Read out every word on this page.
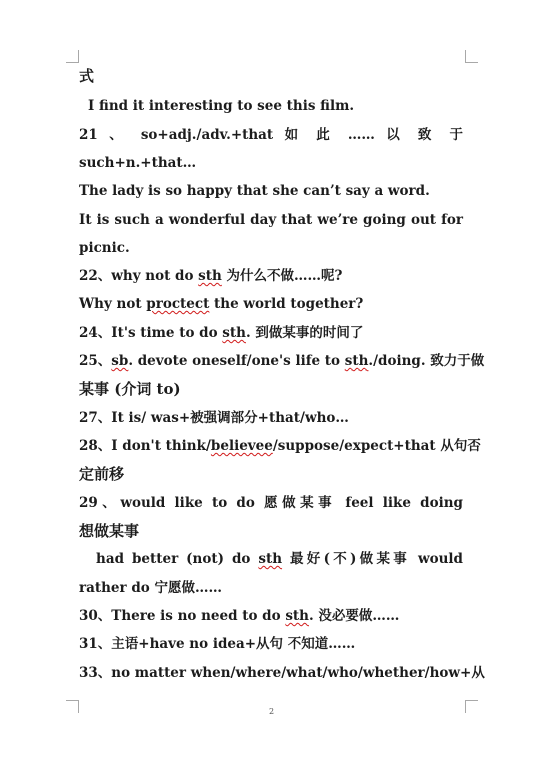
式
I find it interesting to see this film.
21 、 so+adj./adv.+that 如 此 …… 以 致 于
such+n.+that…
The lady is so happy that she can’t say a word.
It is such a wonderful day that we’re going out for
picnic.
22、why not do sth 为什么不做……呢?
Why not proctect the world together?
24、It's time to do sth. 到做某事的时间了
25、sb. devote oneself/one's life to sth./doing. 致力于做
某事 (介词 to)
27、It is/ was+被强调部分+that/who…
28、I don't think/believee/suppose/expect+that 从句否
定前移
29、would like to do 愿做某事 feel like doing
想做某事
had better (not) do sth 最好(不)做某事 would
rather do 宁愿做……
30、There is no need to do sth. 没必要做……
31、主语+have no idea+从句 不知道……
33、no matter when/where/what/who/whether/how+从
2
